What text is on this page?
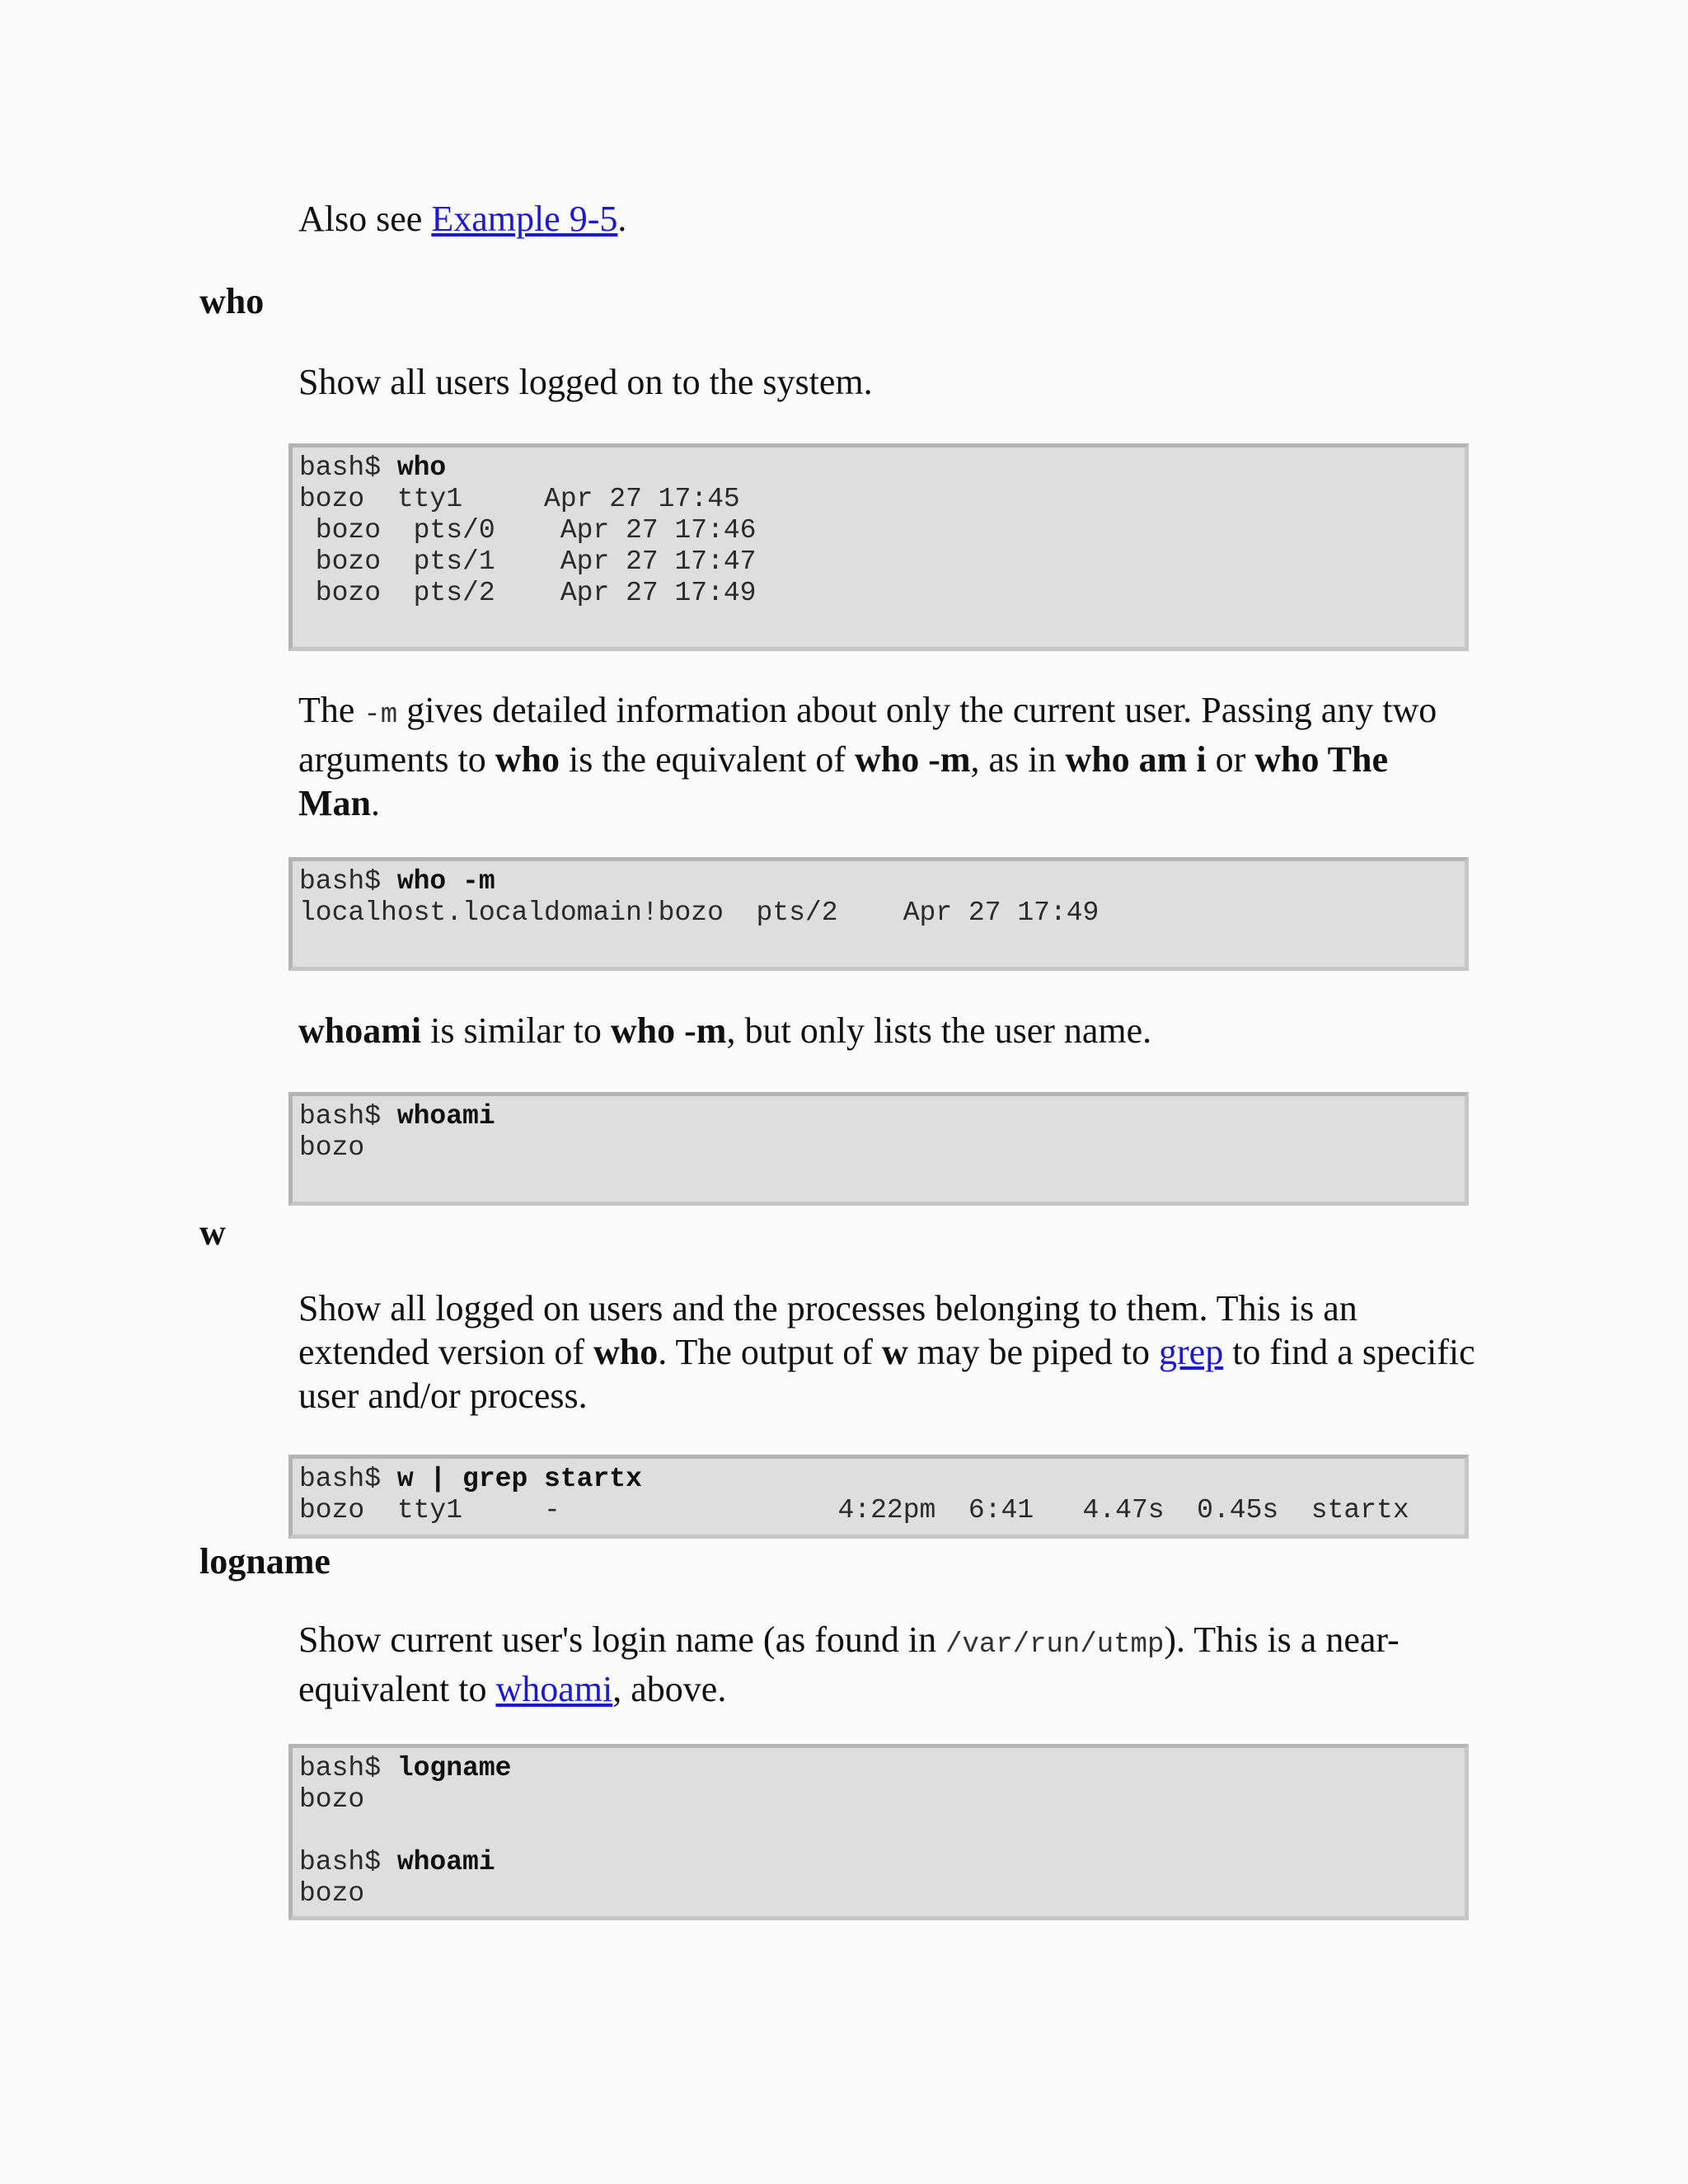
Also see Example 9-5.

who

Show all users logged on to the system.

bash$ who
bozo  tty1     Apr 27 17:45
bozo  pts/0    Apr 27 17:46
bozo  pts/1    Apr 27 17:47
bozo  pts/2    Apr 27 17:49

The -m gives detailed information about only the current user. Passing any two arguments to who is the equivalent of who -m, as in who am i or who The Man.

bash$ who -m
localhost.localdomain!bozo  pts/2    Apr 27 17:49

whoami is similar to who -m, but only lists the user name.

bash$ whoami
bozo

w

Show all logged on users and the processes belonging to them. This is an extended version of who. The output of w may be piped to grep to find a specific user and/or process.

bash$ w | grep startx
bozo  tty1     -                 4:22pm  6:41   4.47s  0.45s  startx

logname

Show current user's login name (as found in /var/run/utmp). This is a near-equivalent to whoami, above.

bash$ logname
bozo

bash$ whoami
bozo
